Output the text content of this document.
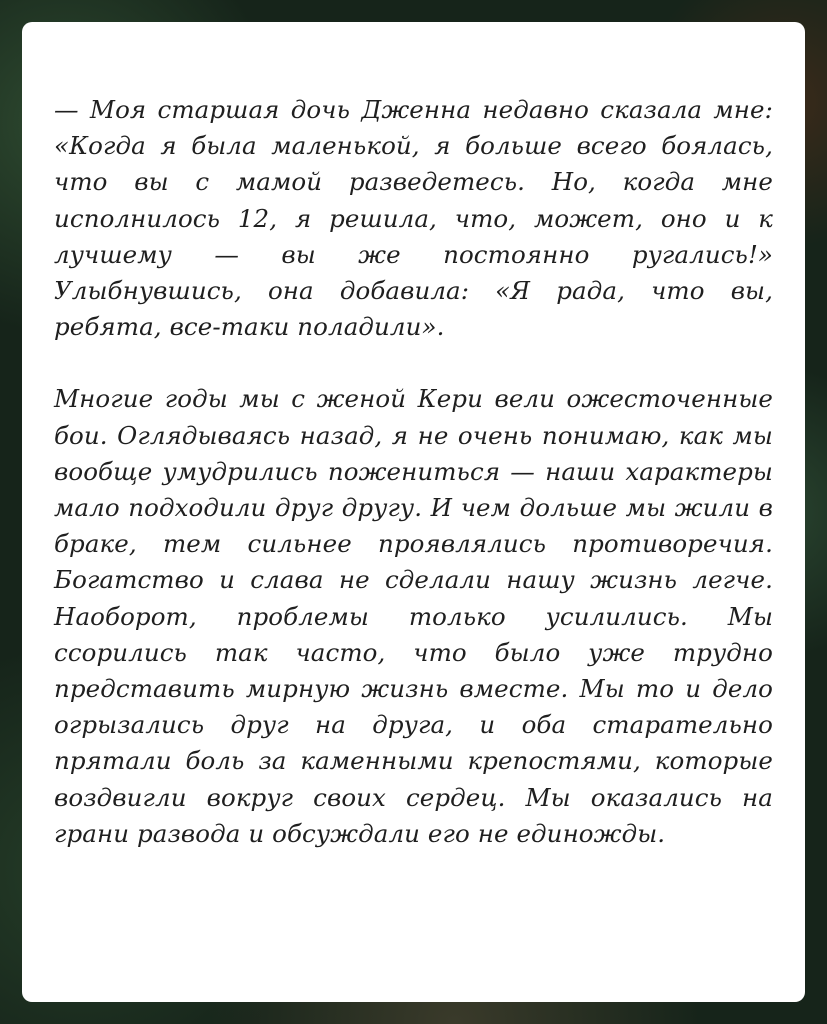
— Моя старшая дочь Дженна недавно сказала мне: «Когда я была маленькой, я больше всего боялась, что вы с мамой разведетесь. Но, когда мне исполнилось 12, я решила, что, может, оно и к лучшему — вы же постоянно ругались!» Улыбнувшись, она добавила: «Я рада, что вы, ребята, все-таки поладили».

Многие годы мы с женой Кери вели ожесточенные бои. Оглядываясь назад, я не очень понимаю, как мы вообще умудрились пожениться — наши характеры мало подходили друг другу. И чем дольше мы жили в браке, тем сильнее проявлялись противоречия. Богатство и слава не сделали нашу жизнь легче. Наоборот, проблемы только усилились. Мы ссорились так часто, что было уже трудно представить мирную жизнь вместе. Мы то и дело огрызались друг на друга, и оба старательно прятали боль за каменными крепостями, которые воздвигли вокруг своих сердец. Мы оказались на грани развода и обсуждали его не единожды.
